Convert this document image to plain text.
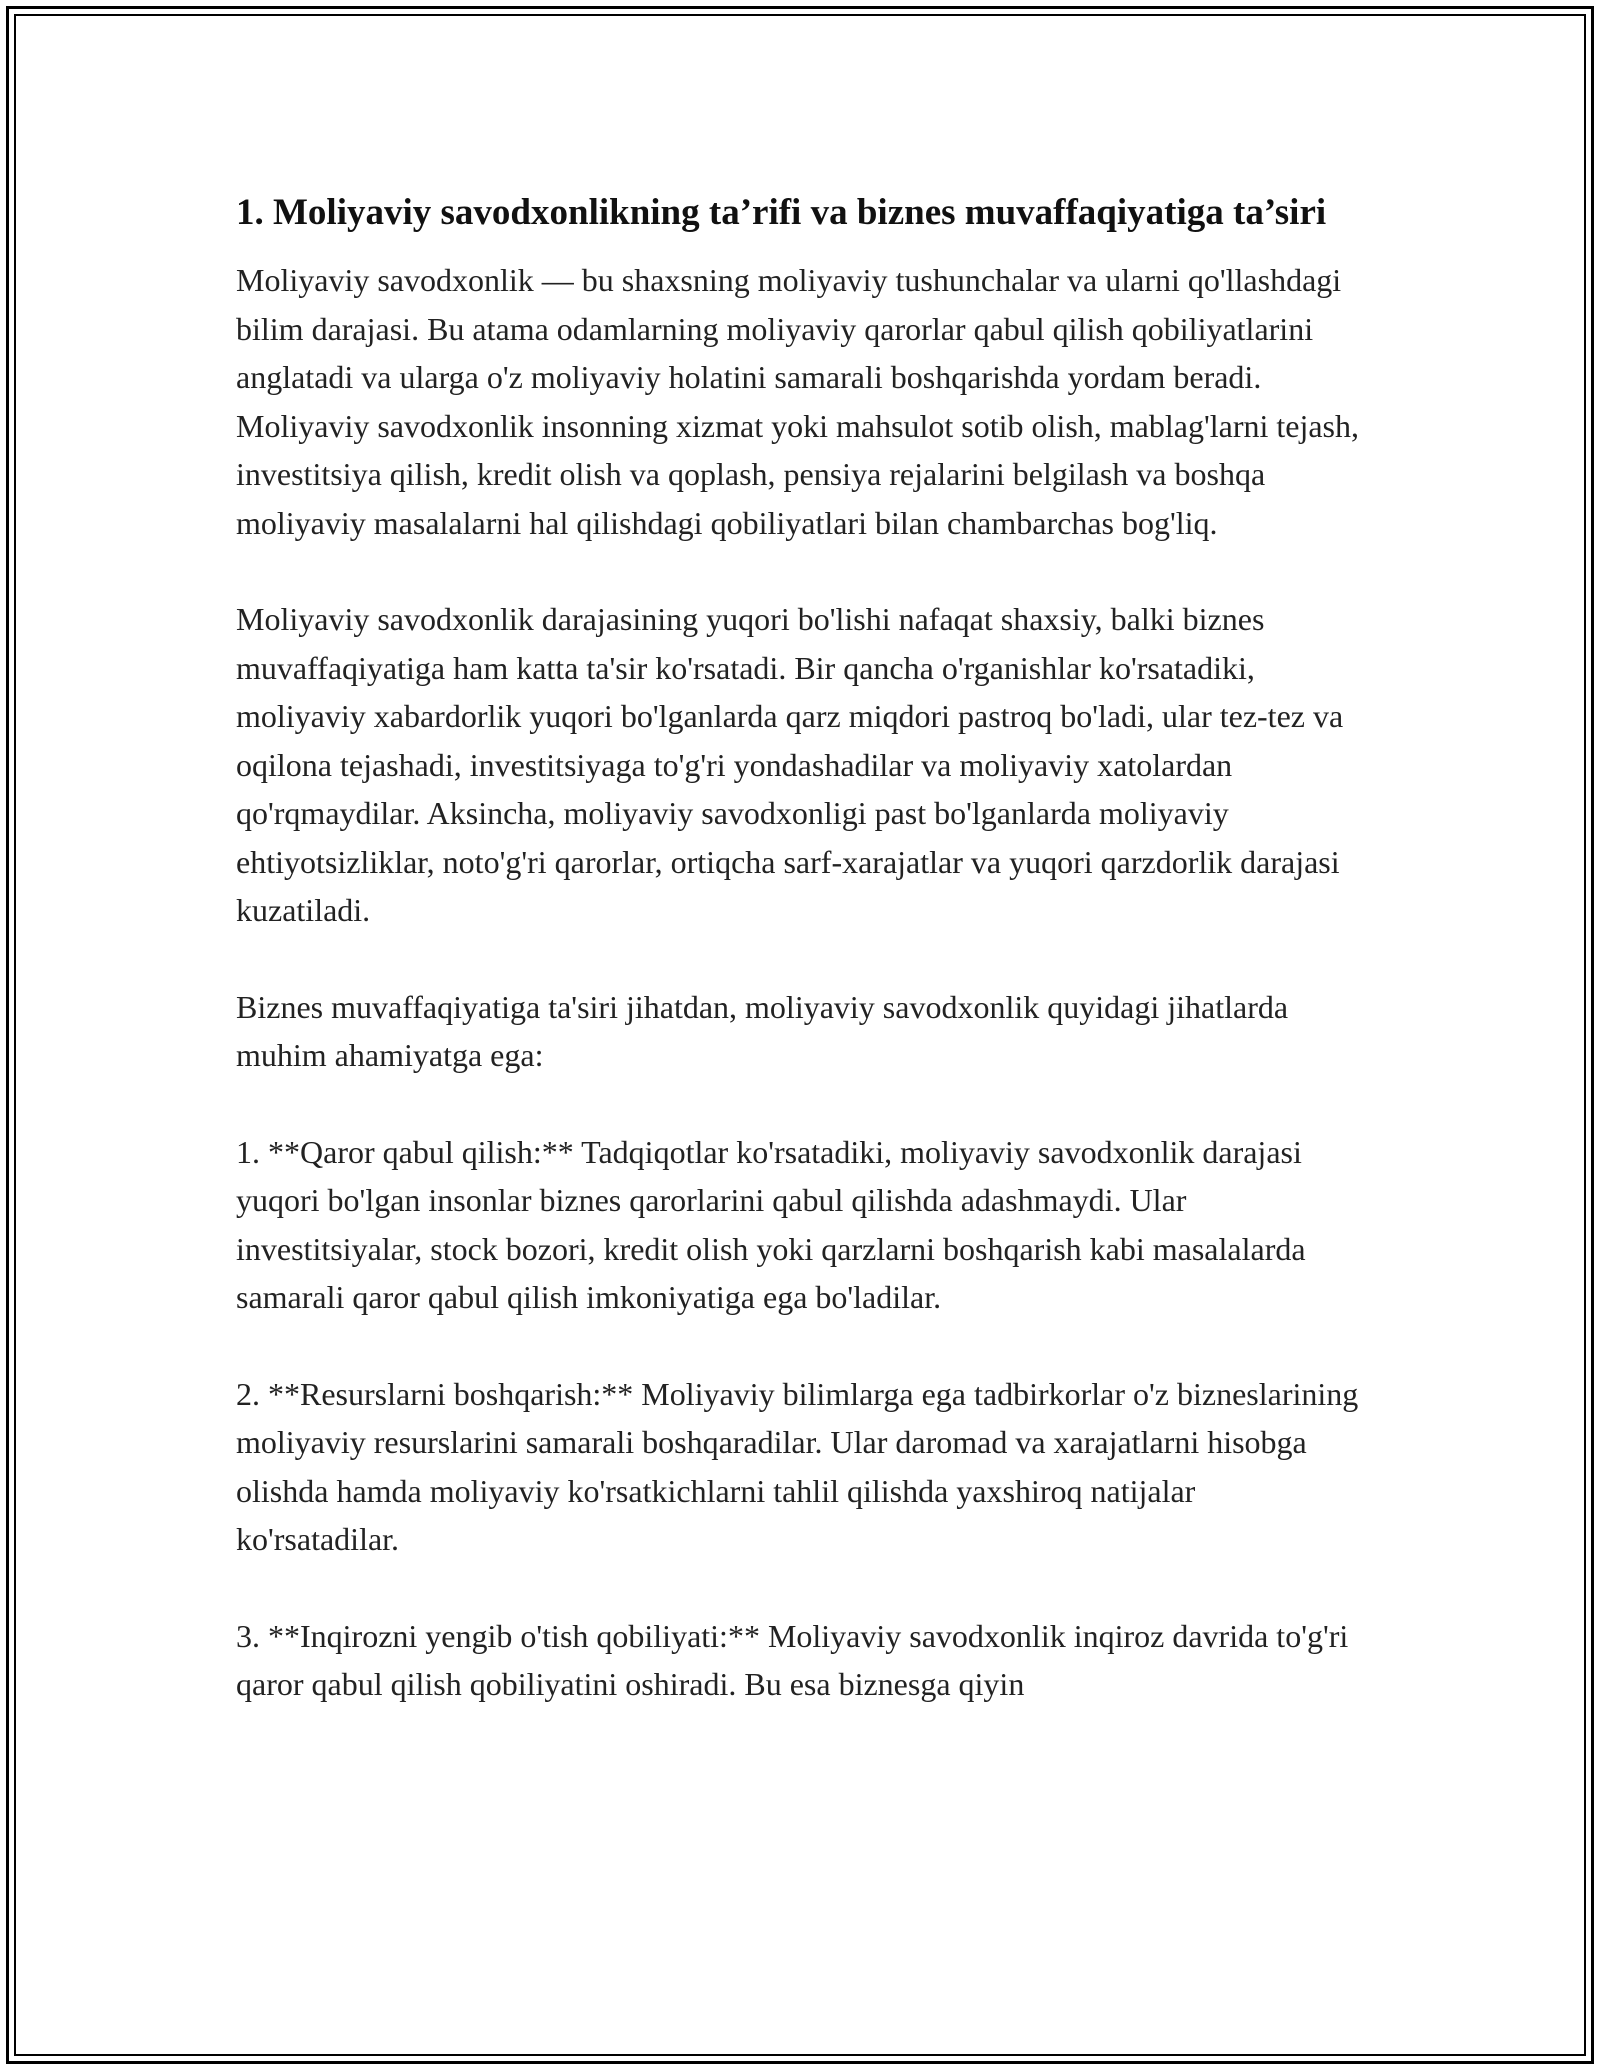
1. Moliyaviy savodxonlikning ta’rifi va biznes muvaffaqiyatiga ta’siri

Moliyaviy savodxonlik — bu shaxsning moliyaviy tushunchalar va ularni qo'llashdagi bilim darajasi. Bu atama odamlarning moliyaviy qarorlar qabul qilish qobiliyatlarini anglatadi va ularga o'z moliyaviy holatini samarali boshqarishda yordam beradi. Moliyaviy savodxonlik insonning xizmat yoki mahsulot sotib olish, mablag'larni tejash, investitsiya qilish, kredit olish va qoplash, pensiya rejalarini belgilash va boshqa moliyaviy masalalarni hal qilishdagi qobiliyatlari bilan chambarchas bog'liq.

Moliyaviy savodxonlik darajasining yuqori bo'lishi nafaqat shaxsiy, balki biznes muvaffaqiyatiga ham katta ta'sir ko'rsatadi. Bir qancha o'rganishlar ko'rsatadiki, moliyaviy xabardorlik yuqori bo'lganlarda qarz miqdori pastroq bo'ladi, ular tez-tez va oqilona tejashadi, investitsiyaga to'g'ri yondashadilar va moliyaviy xatolardan qo'rqmaydilar. Aksincha, moliyaviy savodxonligi past bo'lganlarda moliyaviy ehtiyotsizliklar, noto'g'ri qarorlar, ortiqcha sarf-xarajatlar va yuqori qarzdorlik darajasi kuzatiladi.

Biznes muvaffaqiyatiga ta'siri jihatdan, moliyaviy savodxonlik quyidagi jihatlarda muhim ahamiyatga ega:

1. **Qaror qabul qilish:** Tadqiqotlar ko'rsatadiki, moliyaviy savodxonlik darajasi yuqori bo'lgan insonlar biznes qarorlarini qabul qilishda adashmaydi. Ular investitsiyalar, stock bozori, kredit olish yoki qarzlarni boshqarish kabi masalalarda samarali qaror qabul qilish imkoniyatiga ega bo'ladilar.

2. **Resurslarni boshqarish:** Moliyaviy bilimlarga ega tadbirkorlar o'z bizneslarining moliyaviy resurslarini samarali boshqaradilar. Ular daromad va xarajatlarni hisobga olishda hamda moliyaviy ko'rsatkichlarni tahlil qilishda yaxshiroq natijalar ko'rsatadilar.

3. **Inqirozni yengib o'tish qobiliyati:** Moliyaviy savodxonlik inqiroz davrida to'g'ri qaror qabul qilish qobiliyatini oshiradi. Bu esa biznesga qiyin
